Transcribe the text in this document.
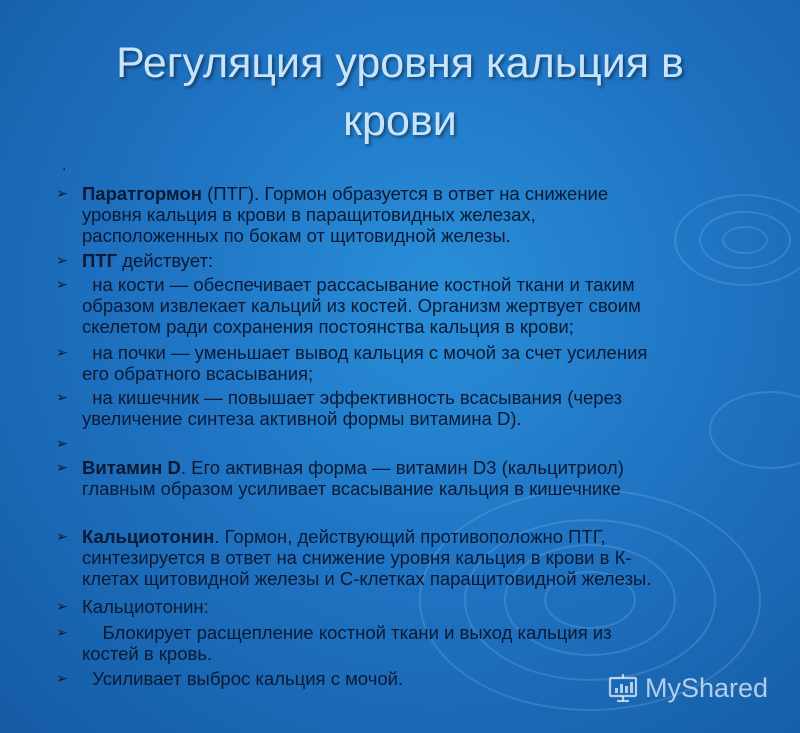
Регуляция уровня кальция в
крови
.
➢ Паратгормон (ПТГ). Гормон образуется в ответ на снижение
уровня кальция в крови в паращитовидных железах,
расположенных по бокам от щитовидной железы.
➢ ПТГ действует:
➢ на кости — обеспечивает рассасывание костной ткани и таким
образом извлекает кальций из костей. Организм жертвует своим
скелетом ради сохранения постоянства кальция в крови;
➢ на почки — уменьшает вывод кальция с мочой за счет усиления
его обратного всасывания;
➢ на кишечник — повышает эффективность всасывания (через
увеличение синтеза активной формы витамина D).
➢
➢ Витамин D. Его активная форма — витамин D3 (кальцитриол)
главным образом усиливает всасывание кальция в кишечнике
➢ Кальциотонин. Гормон, действующий противоположно ПТГ,
синтезируется в ответ на снижение уровня кальция в крови в К-
клетах щитовидной железы и С-клетках паращитовидной железы.
➢ Кальциотонин:
➢ Блокирует расщепление костной ткани и выход кальция из
костей в кровь.
➢ Усиливает выброс кальция с мочой.	MyShared
